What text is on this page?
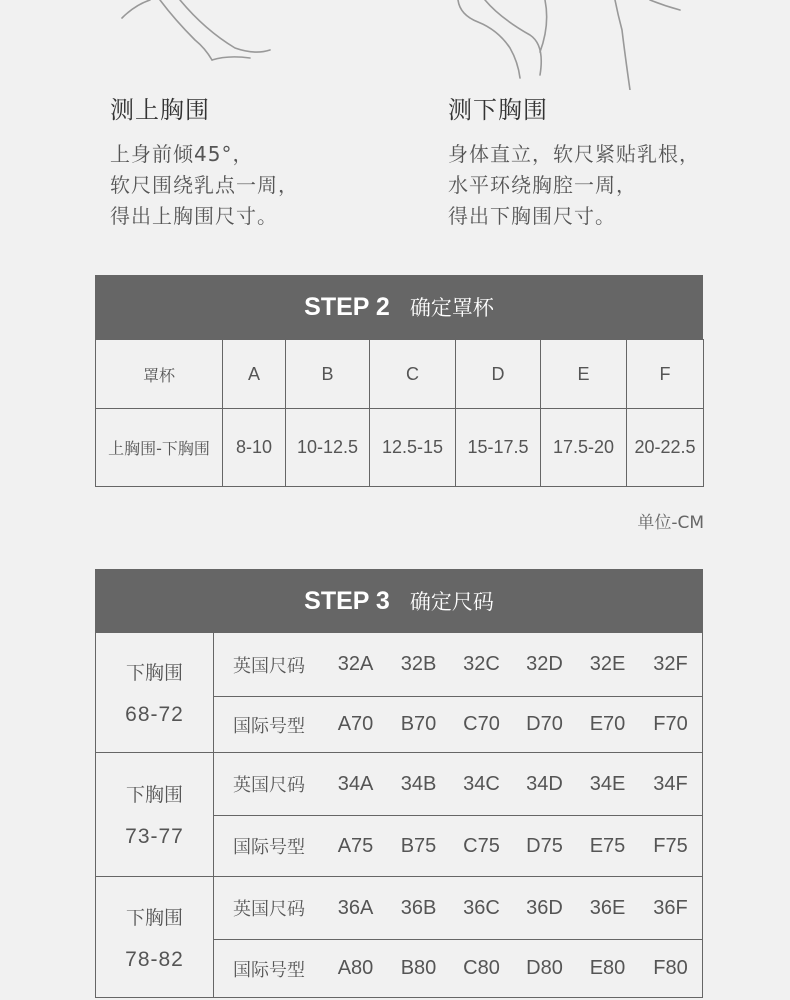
测上胸围

上身前倾45°，
软尺围绕乳点一周，
得出上胸围尺寸。

测下胸围

身体直立，软尺紧贴乳根，
水平环绕胸腔一周，
得出下胸围尺寸。

STEP 2 确定罩杯
罩杯	A	B	C	D	E	F
上胸围-下胸围	8-10	10-12.5	12.5-15	15-17.5	17.5-20	20-22.5
单位-CM
STEP 3 确定尺码
下胸围
68-72
英国尺码	32A	32B	32C	32D	32E	32F
国际号型	A70	B70	C70	D70	E70	F70
下胸围
73-77
英国尺码	34A	34B	34C	34D	34E	34F
国际号型	A75	B75	C75	D75	E75	F75
下胸围
78-82
英国尺码	36A	36B	36C	36D	36E	36F
国际号型	A80	B80	C80	D80	E80	F80
